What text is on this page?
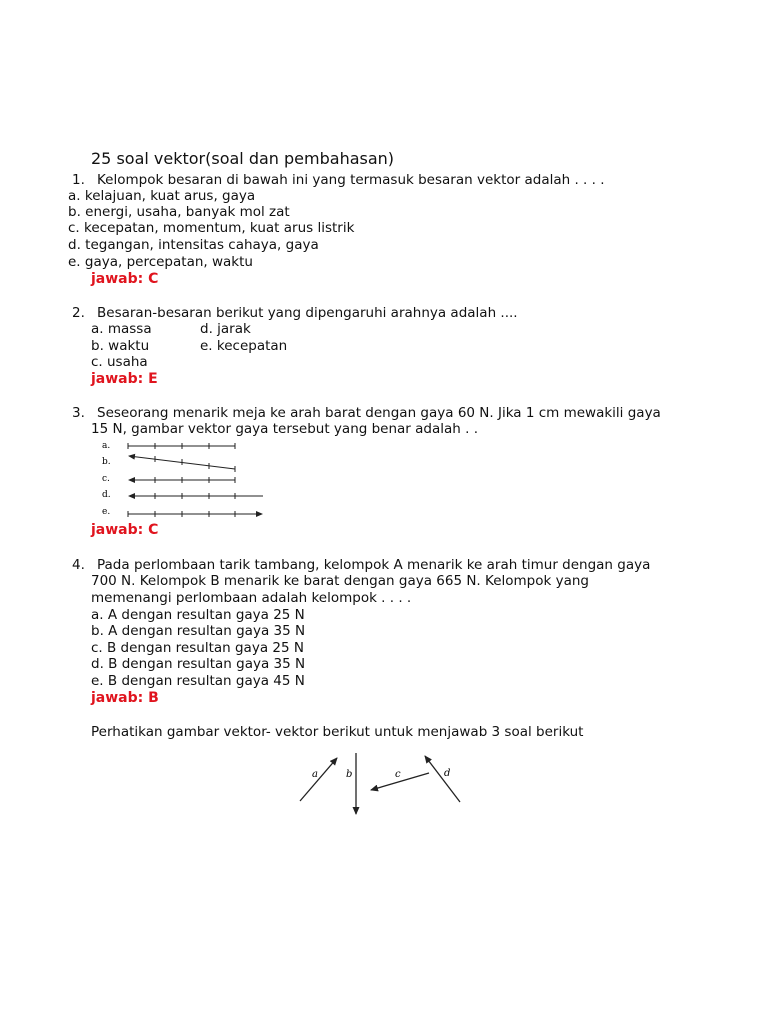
25 soal vektor(soal dan pembahasan)
1. Kelompok besaran di bawah ini yang termasuk besaran vektor adalah . . . .
a. kelajuan, kuat arus, gaya
b. energi, usaha, banyak mol zat
c. kecepatan, momentum, kuat arus listrik
d. tegangan, intensitas cahaya, gaya
e. gaya, percepatan, waktu
jawab: C
2. Besaran-besaran berikut yang dipengaruhi arahnya adalah ....
a. massa	d. jarak
b. waktu	e. kecepatan
c. usaha
jawab: E
3. Seseorang menarik meja ke arah barat dengan gaya 60 N. Jika 1 cm mewakili gaya
15 N, gambar vektor gaya tersebut yang benar adalah . .
a.
b.
c.
d.
e.
jawab: C
4. Pada perlombaan tarik tambang, kelompok A menarik ke arah timur dengan gaya
700 N. Kelompok B menarik ke barat dengan gaya 665 N. Kelompok yang
memenangi perlombaan adalah kelompok . . . .
a. A dengan resultan gaya 25 N
b. A dengan resultan gaya 35 N
c. B dengan resultan gaya 25 N
d. B dengan resultan gaya 35 N
e. B dengan resultan gaya 45 N
jawab: B
Perhatikan gambar vektor- vektor berikut untuk menjawab 3 soal berikut
a	b	c	d
